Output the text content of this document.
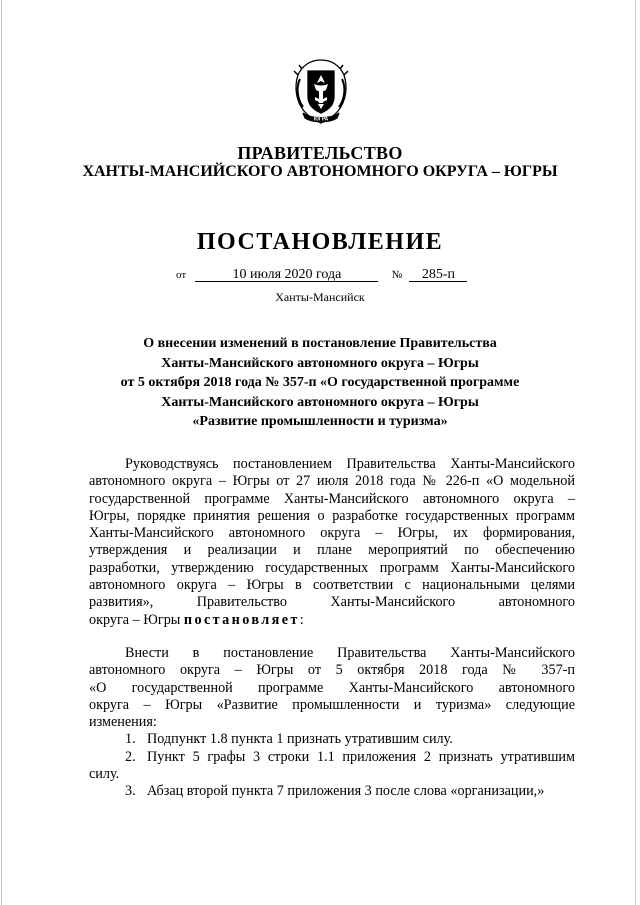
ЮГРА
ПРАВИТЕЛЬСТВО
ХАНТЫ-МАНСИЙСКОГО АВТОНОМНОГО ОКРУГА – ЮГРЫ
ПОСТАНОВЛЕНИЕ
от	10 июля 2020 года	№ 285-п
Ханты-Мансийск
О внесении изменений в постановление Правительства
Ханты-Мансийского автономного округа – Югры
от 5 октября 2018 года № 357-п «О государственной программе
Ханты-Мансийского автономного округа – Югры
«Развитие промышленности и туризма»
Руководствуясь постановлением Правительства Ханты-Мансийского
автономного округа – Югры от 27 июля 2018 года № 226-п «О модельной
государственной программе Ханты-Мансийского автономного округа –
Югры, порядке принятия решения о разработке государственных программ
Ханты-Мансийского автономного округа – Югры, их формирования,
утверждения и реализации и плане мероприятий по обеспечению
разработки, утверждению государственных программ Ханты-Мансийского
автономного округа – Югры в соответствии с национальными целями
развития», Правительство Ханты-Мансийского автономного
округа – Югры постановляет:
Внести в постановление Правительства Ханты-Мансийского
автономного округа – Югры от 5 октября 2018 года № 357-п
«О государственной программе Ханты-Мансийского автономного
округа – Югры «Развитие промышленности и туризма» следующие
изменения:
1. Подпункт 1.8 пункта 1 признать утратившим силу.
2. Пункт 5 графы 3 строки 1.1 приложения 2 признать утратившим
силу.
3. Абзац второй пункта 7 приложения 3 после слова «организации,»
